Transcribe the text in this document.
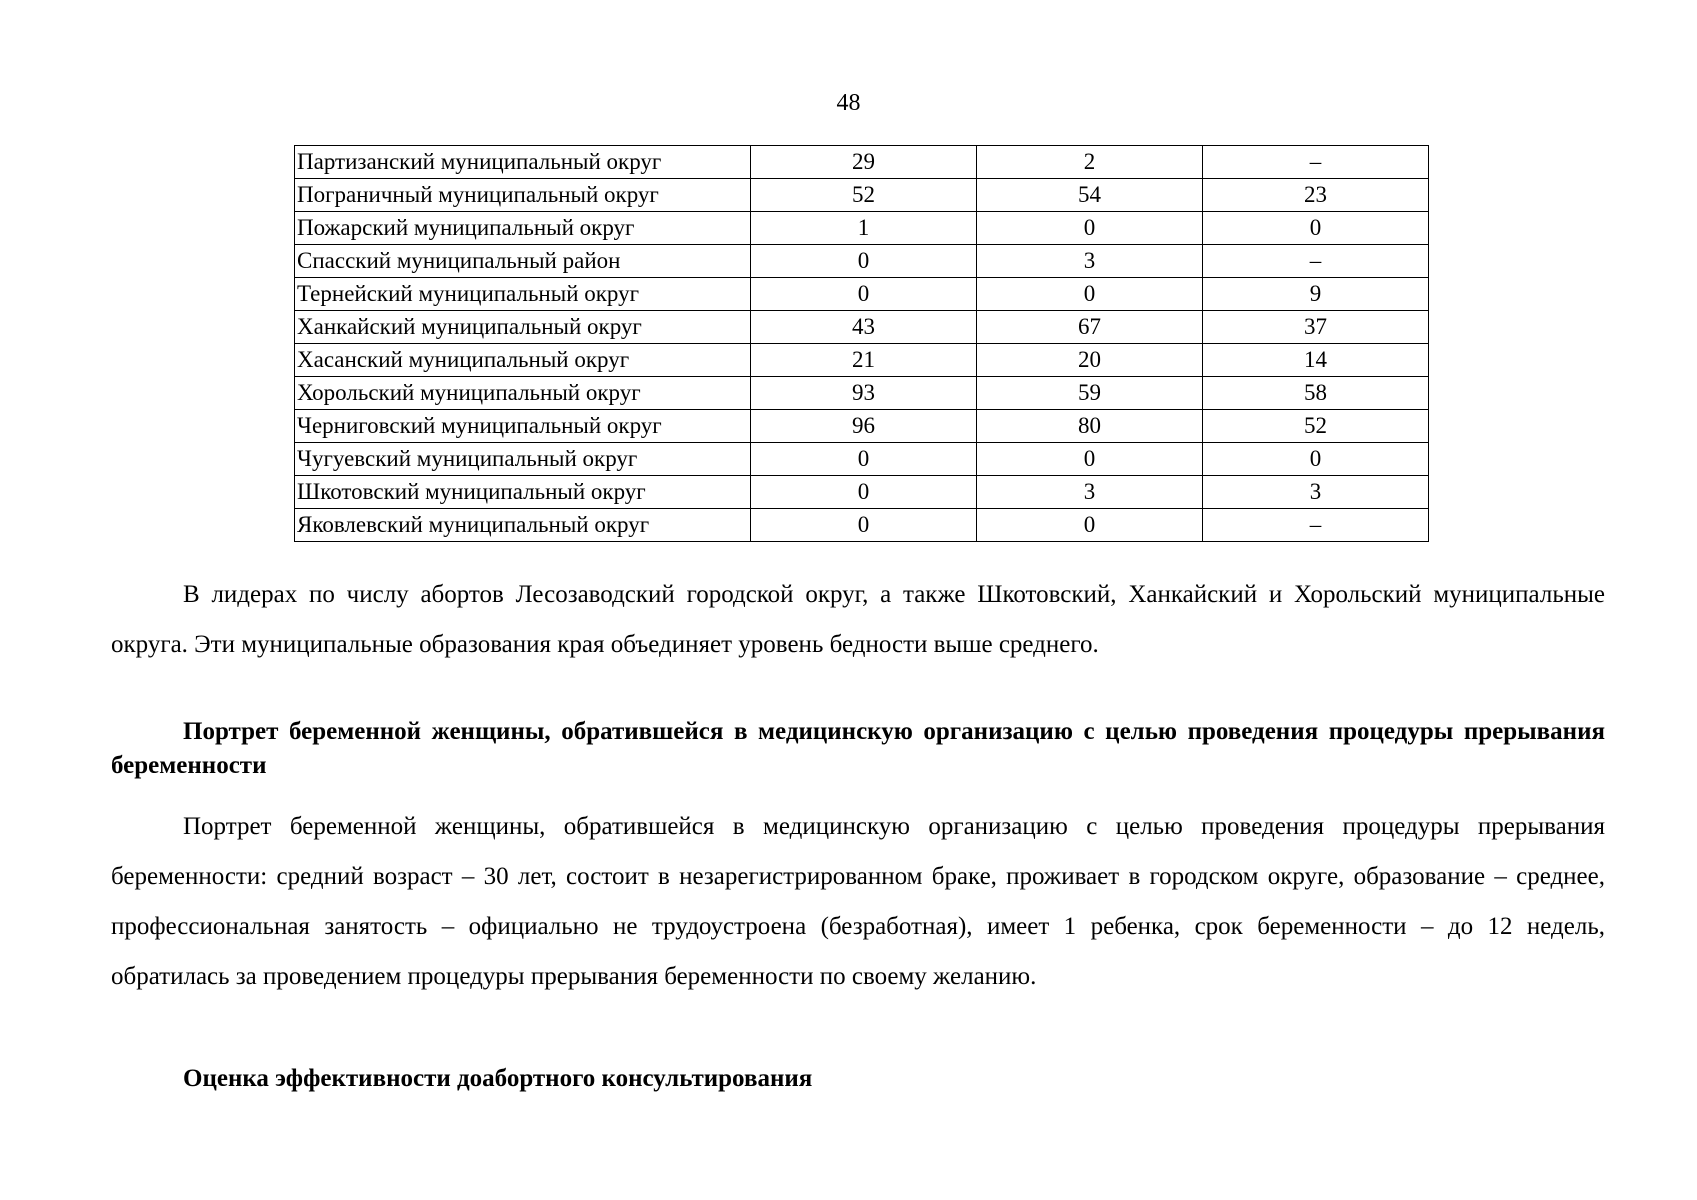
48
Партизанский муниципальный округ	29	2	–
Пограничный муниципальный округ	52	54	23
Пожарский муниципальный округ	1	0	0
Спасский муниципальный район	0	3	–
Тернейский муниципальный округ	0	0	9
Ханкайский муниципальный округ	43	67	37
Хасанский муниципальный округ	21	20	14
Хорольский муниципальный округ	93	59	58
Черниговский муниципальный округ	96	80	52
Чугуевский муниципальный округ	0	0	0
Шкотовский муниципальный округ	0	3	3
Яковлевский муниципальный округ	0	0	–

В лидерах по числу абортов Лесозаводский городской округ, а также Шкотовский, Ханкайский и Хорольский муниципальные округа. Эти муниципальные образования края объединяет уровень бедности выше среднего.

Портрет беременной женщины, обратившейся в медицинскую организацию с целью проведения процедуры прерывания беременности

Портрет беременной женщины, обратившейся в медицинскую организацию с целью проведения процедуры прерывания беременности: средний возраст – 30 лет, состоит в незарегистрированном браке, проживает в городском округе, образование – среднее, профессиональная занятость – официально не трудоустроена (безработная), имеет 1 ребенка, срок беременности – до 12 недель, обратилась за проведением процедуры прерывания беременности по своему желанию.

Оценка эффективности доабортного консультирования
